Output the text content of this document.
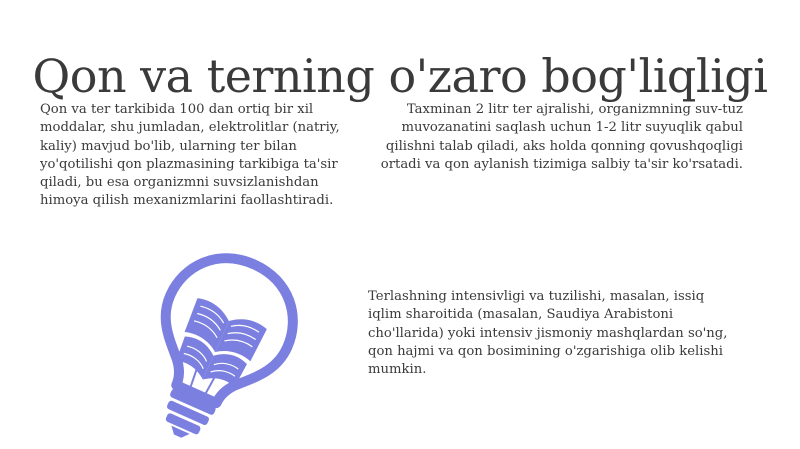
Qon va terning o'zaro bog'liqligi

Qon va ter tarkibida 100 dan ortiq bir xil moddalar, shu jumladan, elektrolitlar (natriy, kaliy) mavjud bo'lib, ularning ter bilan yo'qotilishi qon plazmasining tarkibiga ta'sir qiladi, bu esa organizmni suvsizlanishdan himoya qilish mexanizmlarini faollashtiradi.

Taxminan 2 litr ter ajralishi, organizmning suv-tuz muvozanatini saqlash uchun 1-2 litr suyuqlik qabul qilishni talab qiladi, aks holda qonning qovushqoqligi ortadi va qon aylanish tizimiga salbiy ta'sir ko'rsatadi.

Terlashning intensivligi va tuzilishi, masalan, issiq iqlim sharoitida (masalan, Saudiya Arabistoni cho'llarida) yoki intensiv jismoniy mashqlardan so'ng, qon hajmi va qon bosimining o'zgarishiga olib kelishi mumkin.
